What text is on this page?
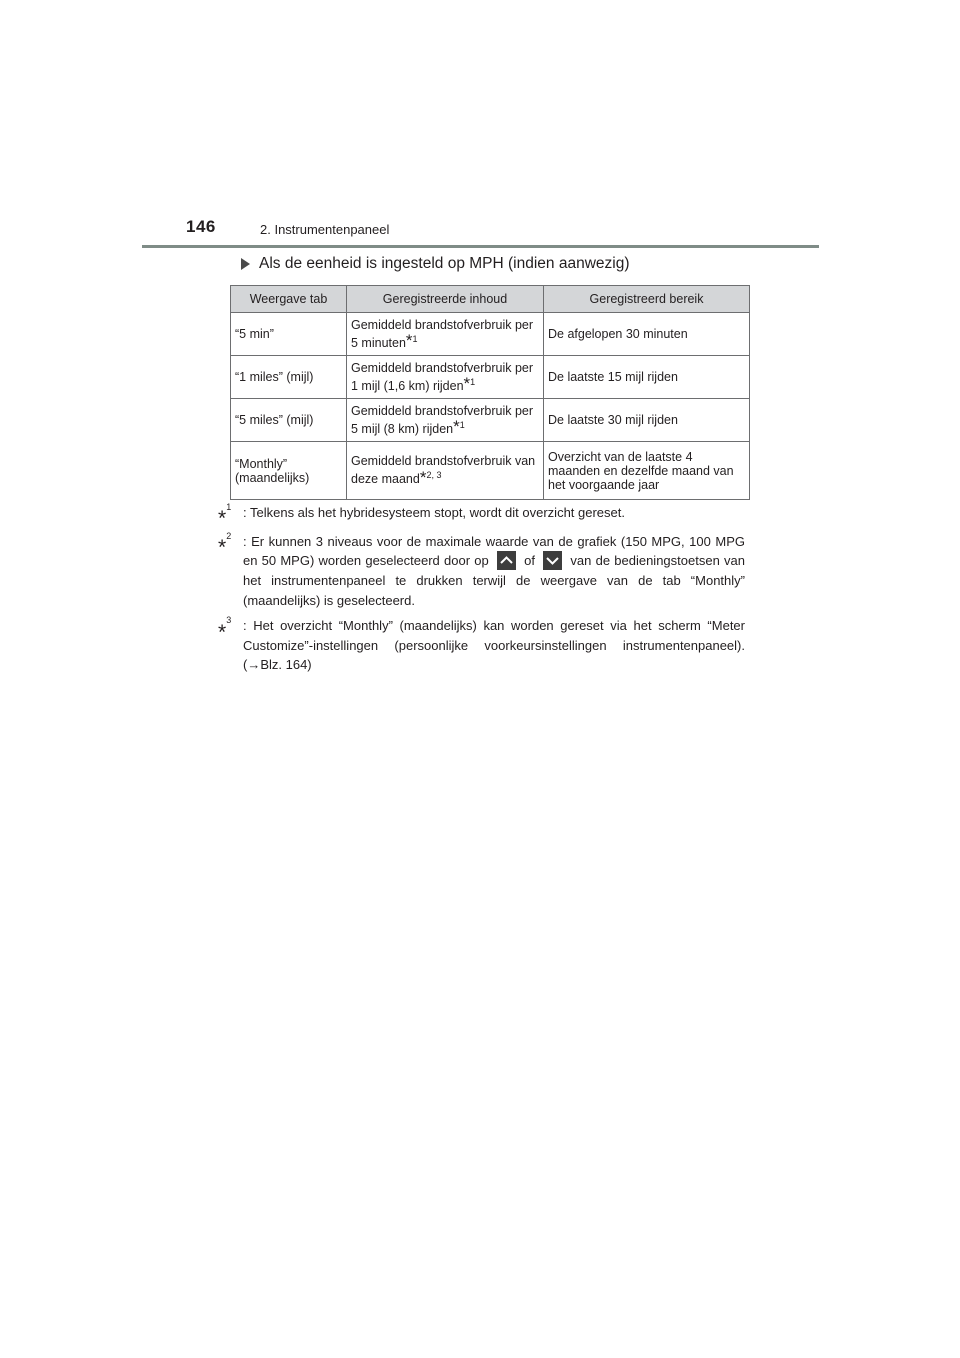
146	2. Instrumentenpaneel
Als de eenheid is ingesteld op MPH (indien aanwezig)
Weergave tab	Geregistreerde inhoud	Geregistreerd bereik
“5 min”	Gemiddeld brandstofverbruik per 5 minuten*$^1$	De afgelopen 30 minuten
“1 miles” (mijl)	Gemiddeld brandstofverbruik per 1 mijl (1,6 km) rijden*$^1$	De laatste 15 mijl rijden
“5 miles” (mijl)	Gemiddeld brandstofverbruik per 5 mijl (8 km) rijden*$^1$	De laatste 30 mijl rijden
“Monthly” (maandelijks)	Gemiddeld brandstofverbruik van deze maand*$^{2, 3}$	Overzicht van de laatste 4 maanden en dezelfde maand van het voorgaande jaar
*$^1$ : Telkens als het hybridesysteem stopt, wordt dit overzicht gereset.
*$^2$ : Er kunnen 3 niveaus voor de maximale waarde van de grafiek (150 MPG, 100 MPG en 50 MPG) worden geselecteerd door op	of	van de bedieningstoetsen van het instrumentenpaneel te drukken terwijl de weergave van de tab “Monthly” (maandelijks) is geselecteerd.
*$^3$ : Het overzicht “Monthly” (maandelijks) kan worden gereset via het scherm “Meter Customize”-instellingen (persoonlijke voorkeursinstellingen instrumentenpaneel). (→Blz. 164)
